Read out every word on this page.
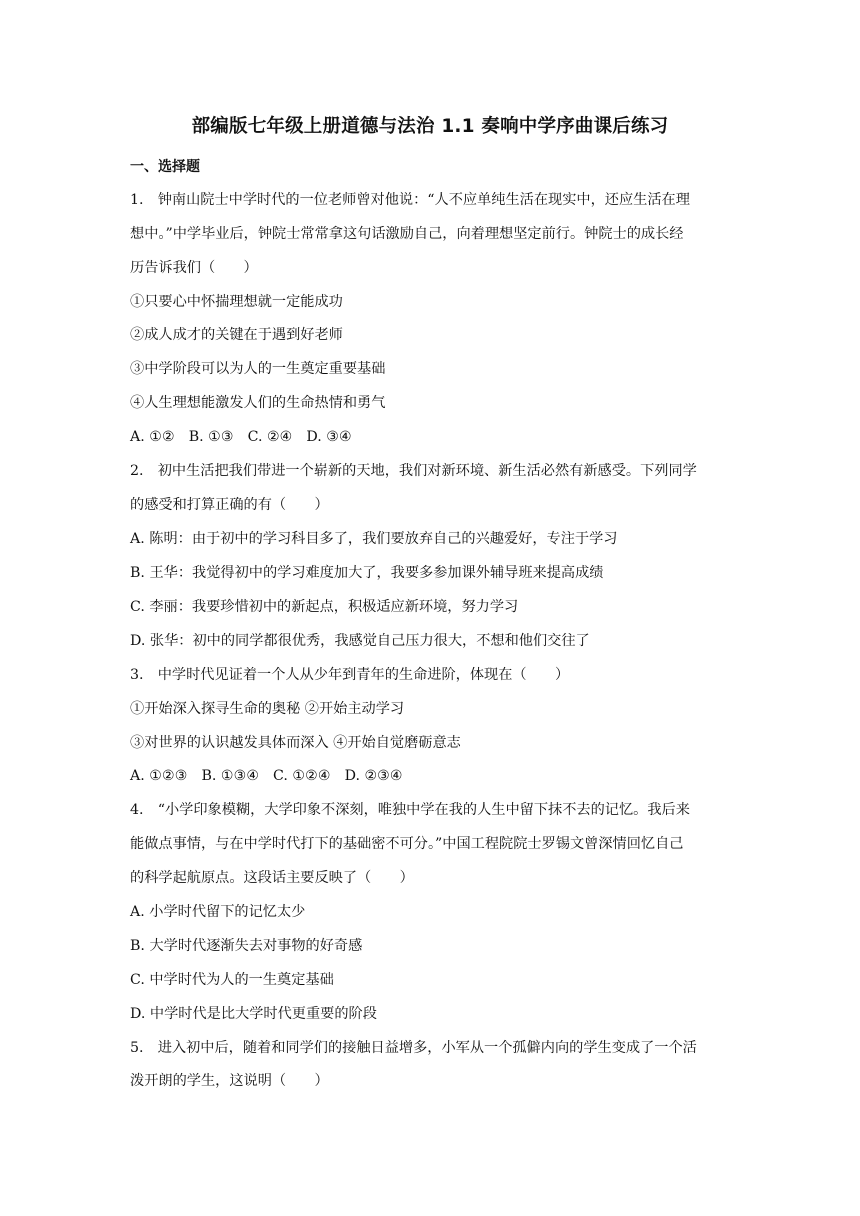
部编版七年级上册道德与法治 1.1 奏响中学序曲课后练习
一、选择题
1.　钟南山院士中学时代的一位老师曾对他说：“人不应单纯生活在现实中，还应生活在理
想中。”中学毕业后，钟院士常常拿这句话激励自己，向着理想坚定前行。钟院士的成长经
历告诉我们（　　）
①只要心中怀揣理想就一定能成功
②成人成才的关键在于遇到好老师
③中学阶段可以为人的一生奠定重要基础
④人生理想能激发人们的生命热情和勇气
A. ①② B. ①③ C. ②④ D. ③④
2.　初中生活把我们带进一个崭新的天地，我们对新环境、新生活必然有新感受。下列同学
的感受和打算正确的有（　　）
A. 陈明：由于初中的学习科目多了，我们要放弃自己的兴趣爱好，专注于学习
B. 王华：我觉得初中的学习难度加大了，我要多参加课外辅导班来提高成绩
C. 李丽：我要珍惜初中的新起点，积极适应新环境，努力学习
D. 张华：初中的同学都很优秀，我感觉自己压力很大，不想和他们交往了
3.　中学时代见证着一个人从少年到青年的生命进阶，体现在（　　）
①开始深入探寻生命的奥秘 ②开始主动学习
③对世界的认识越发具体而深入 ④开始自觉磨砺意志
A. ①②③ B. ①③④ C. ①②④ D. ②③④
4.　“小学印象模糊，大学印象不深刻，唯独中学在我的人生中留下抹不去的记忆。我后来
能做点事情，与在中学时代打下的基础密不可分。”中国工程院院士罗锡文曾深情回忆自己
的科学起航原点。这段话主要反映了（　　）
A. 小学时代留下的记忆太少
B. 大学时代逐渐失去对事物的好奇感
C. 中学时代为人的一生奠定基础
D. 中学时代是比大学时代更重要的阶段
5.　进入初中后，随着和同学们的接触日益增多，小军从一个孤僻内向的学生变成了一个活
泼开朗的学生，这说明（　　）
